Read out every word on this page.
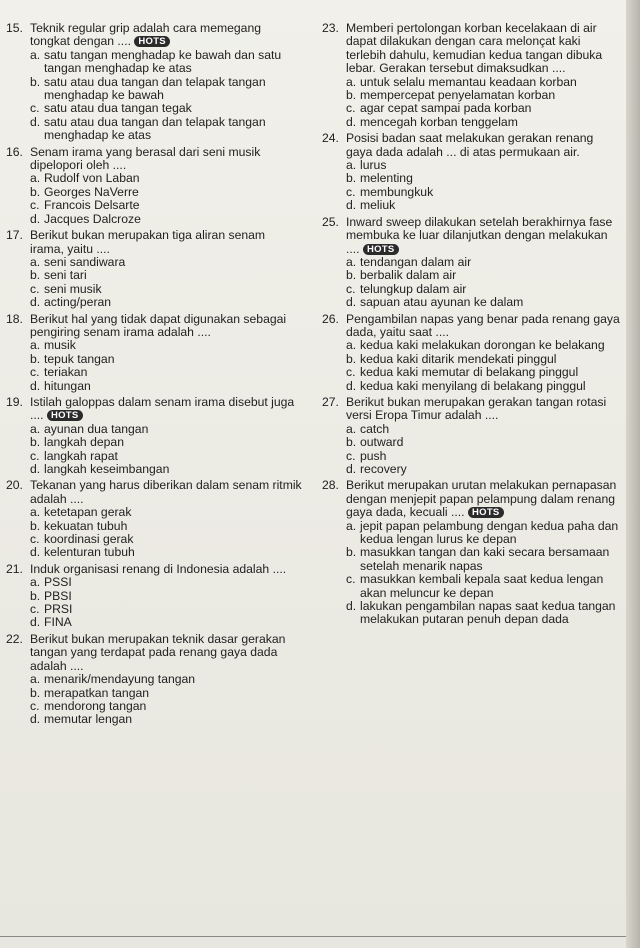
15. Teknik regular grip adalah cara memegang tongkat dengan .... HOTS
a. satu tangan menghadap ke bawah dan satu tangan menghadap ke atas
b. satu atau dua tangan dan telapak tangan menghadap ke bawah
c. satu atau dua tangan tegak
d. satu atau dua tangan dan telapak tangan menghadap ke atas
16. Senam irama yang berasal dari seni musik dipelopori oleh ....
a. Rudolf von Laban
b. Georges NaVerre
c. Francois Delsarte
d. Jacques Dalcroze
17. Berikut bukan merupakan tiga aliran senam irama, yaitu ....
a. seni sandiwara
b. seni tari
c. seni musik
d. acting/peran
18. Berikut hal yang tidak dapat digunakan sebagai pengiring senam irama adalah ....
a. musik
b. tepuk tangan
c. teriakan
d. hitungan
19. Istilah galoppas dalam senam irama disebut juga .... HOTS
a. ayunan dua tangan
b. langkah depan
c. langkah rapat
d. langkah keseimbangan
20. Tekanan yang harus diberikan dalam senam ritmik adalah ....
a. ketetapan gerak
b. kekuatan tubuh
c. koordinasi gerak
d. kelenturan tubuh
21. Induk organisasi renang di Indonesia adalah ....
a. PSSI
b. PBSI
c. PRSI
d. FINA
22. Berikut bukan merupakan teknik dasar gerakan tangan yang terdapat pada renang gaya dada adalah ....
a. menarik/mendayung tangan
b. merapatkan tangan
c. mendorong tangan
d. memutar lengan
23. Memberi pertolongan korban kecelakaan di air dapat dilakukan dengan cara melonçat kaki terlebih dahulu, kemudian kedua tangan dibuka lebar. Gerakan tersebut dimaksudkan ....
a. untuk selalu memantau keadaan korban
b. mempercepat penyelamatan korban
c. agar cepat sampai pada korban
d. mencegah korban tenggelam
24. Posisi badan saat melakukan gerakan renang gaya dada adalah ... di atas permukaan air.
a. lurus
b. melenting
c. membungkuk
d. meliuk
25. Inward sweep dilakukan setelah berakhirnya fase membuka ke luar dilanjutkan dengan melakukan .... HOTS
a. tendangan dalam air
b. berbalik dalam air
c. telungkup dalam air
d. sapuan atau ayunan ke dalam
26. Pengambilan napas yang benar pada renang gaya dada, yaitu saat ....
a. kedua kaki melakukan dorongan ke belakang
b. kedua kaki ditarik mendekati pinggul
c. kedua kaki memutar di belakang pinggul
d. kedua kaki menyilang di belakang pinggul
27. Berikut bukan merupakan gerakan tangan rotasi versi Eropa Timur adalah ....
a. catch
b. outward
c. push
d. recovery
28. Berikut merupakan urutan melakukan pernapasan dengan menjepit papan pelampung dalam renang gaya dada, kecuali .... HOTS
a. jepit papan pelambung dengan kedua paha dan kedua lengan lurus ke depan
b. masukkan tangan dan kaki secara bersamaan setelah menarik napas
c. masukkan kembali kepala saat kedua lengan akan meluncur ke depan
d. lakukan pengambilan napas saat kedua tangan melakukan putaran penuh depan dada
